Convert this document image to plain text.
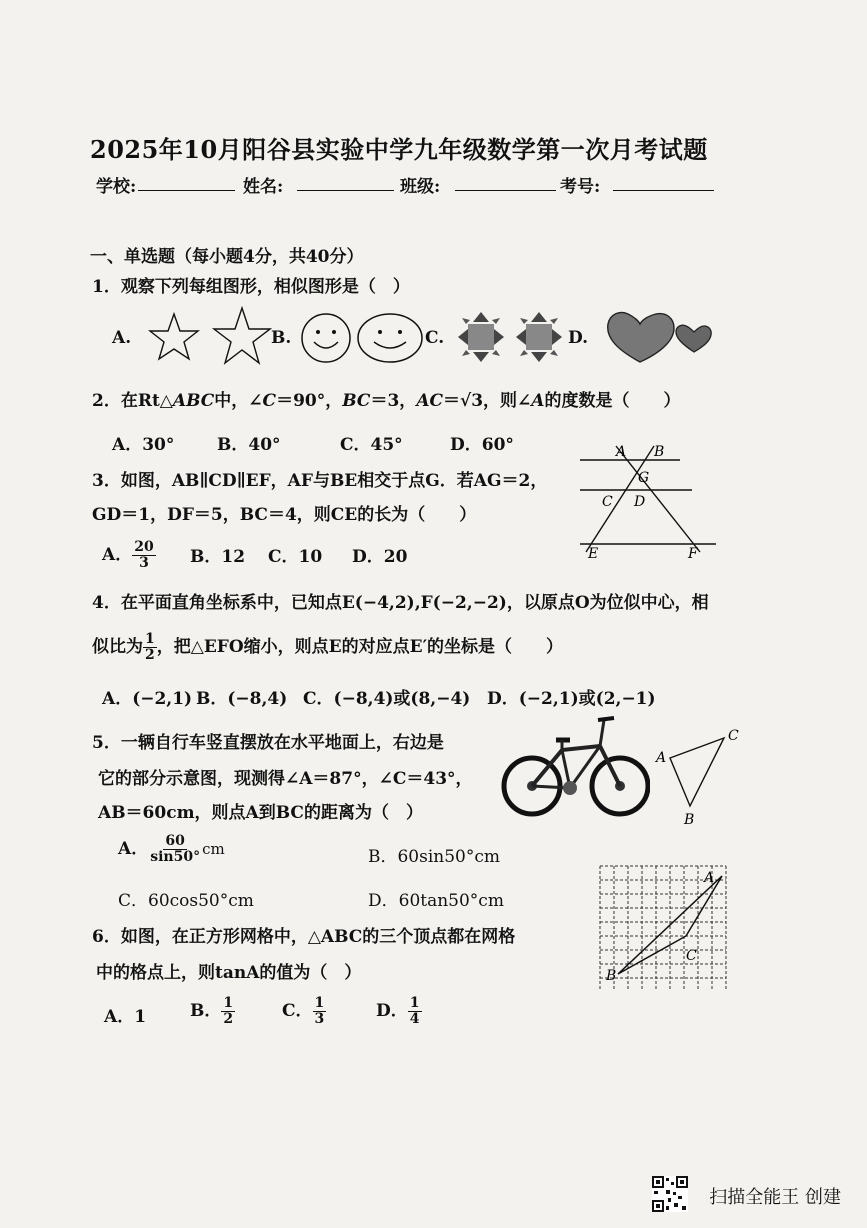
2025年10月阳谷县实验中学九年级数学第一次月考试题
学校:	姓名:	班级:	考号:
一、单选题（每小题4分，共40分）
1．观察下列每组图形，相似图形是（　）
A.	B.	C.	D.
2．在Rt△ABC中，∠C＝90°，BC＝3，AC＝√3，则∠A的度数是（　　）
A．30°	B．40°	C．45°	D．60°
3．如图，AB∥CD∥EF，AF与BE相交于点G．若AG＝2，
GD＝1，DF＝5，BC＝4，则CE的长为（　　）
A． $\frac{20}{3}$ B．12 C．10 D．20
A B
G
C D
E	F
4．在平面直角坐标系中，已知点E(−4,2),F(−2,−2)，以原点O为位似中心，相
似比为 $\frac{1}{2}$ ，把△EFO缩小，则点E的对应点E′的坐标是（　　）
A．(−2,1) B．(−8,4) C．(−8,4)或(8,−4) D．(−2,1)或(2,−1)
5．一辆自行车竖直摆放在水平地面上，右边是
它的部分示意图，现测得∠A＝87°，∠C＝43°，
AB＝60cm，则点A到BC的距离为（　）
A
C
B
A． $\frac{60}{\sin 50^\circ}$ cm	B．60sin50°cm
C．60cos50°cm	D．60tan50°cm
6．如图，在正方形网格中，△ABC的三个顶点都在网格
中的格点上，则tanA的值为（　）
A．1	B． $\frac{1}{2}$	C． $\frac{1}{3}$	D． $\frac{1}{4}$
A
B
C
扫描全能王 创建
